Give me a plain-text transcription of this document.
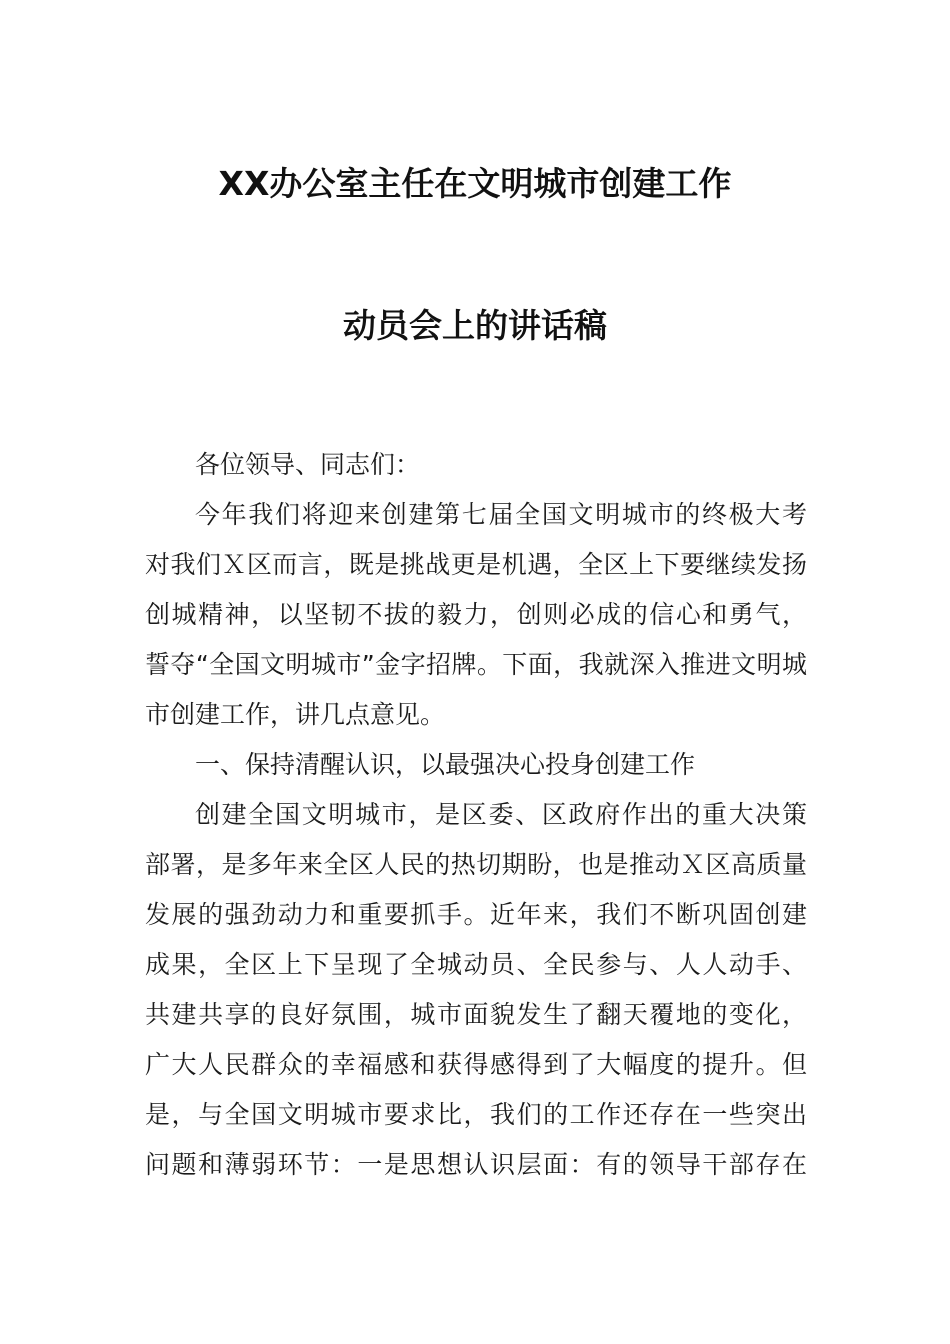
XX办公室主任在文明城市创建工作
动员会上的讲话稿
各位领导、同志们：
今年我们将迎来创建第七届全国文明城市的终极大考
对我们Ｘ区而言，既是挑战更是机遇，全区上下要继续发扬
创城精神，以坚韧不拔的毅力，创则必成的信心和勇气，
誓夺“全国文明城市”金字招牌。下面，我就深入推进文明城
市创建工作，讲几点意见。
一、保持清醒认识，以最强决心投身创建工作
创建全国文明城市，是区委、区政府作出的重大决策
部署，是多年来全区人民的热切期盼，也是推动Ｘ区高质量
发展的强劲动力和重要抓手。近年来，我们不断巩固创建
成果，全区上下呈现了全城动员、全民参与、人人动手、
共建共享的良好氛围，城市面貌发生了翻天覆地的变化，
广大人民群众的幸福感和获得感得到了大幅度的提升。但
是，与全国文明城市要求比，我们的工作还存在一些突出
问题和薄弱环节：一是思想认识层面：有的领导干部存在
